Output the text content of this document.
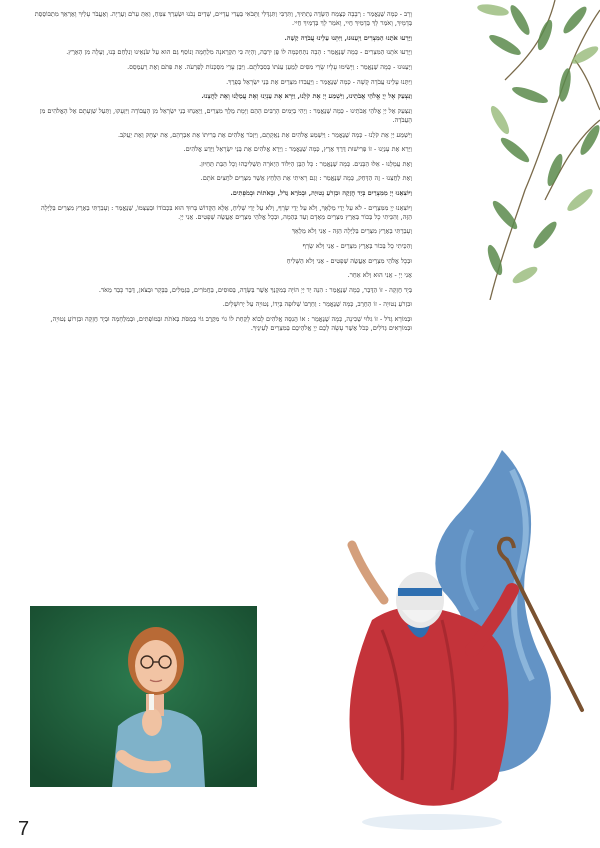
וָרָב - כְּמָה שֶׁנֶּאֱמַר : רְבָבָה כְּצֶמַח הַשָּׂדֶה נְתַתִּיךְ, וַתִּרְבִּי וַתִּגְדְּלִי וַתָּבֹאִי בַּעֲדִי עֲדָיִים, שָׁדַיִם נָכֹנוּ וּשְׂעָרֵךְ צִמֵּחַ, וְאַתְּ עֵרֹם וְעֶרְיָה. וָאֶעֱבֹר עָלַיִךְ וָאֶרְאֵךְ מִתְבּוֹסֶסֶת בְּדָמָיִךְ, וָאֹמַר לָךְ בְּדָמַיִךְ חֲיִי, וָאֹמַר לָךְ בְּדָמַיִךְ חֲיִי.

וַיָּרֵעוּ אֹתָנוּ הַמִּצְרִים וַיְעַנּוּנוּ, וַיִּתְּנוּ עָלֵינוּ עֲבֹדָה קָשָׁה.

וַיָּרֵעוּ אֹתָנוּ הַמִּצְרִים - כְּמָה שֶׁנֶּאֱמַר : הָבָה נִתְחַכְּמָה לוֹ פֶּן יִרְבֶּה, וְהָיָה כִּי תִקְרֶאנָה מִלְחָמָה וְנוֹסַף גַּם הוּא עַל שֹׂנְאֵינוּ וְנִלְחַם בָּנוּ, וְעָלָה מִן הָאָרֶץ.

וַיְעַנּוּנוּ - כְּמָה שֶׁנֶּאֱמַר : וַיָּשִׂימוּ עָלָיו שָׂרֵי מִסִּים לְמַעַן עַנֹּתוֹ בְּסִבְלֹתָם. וַיִּבֶן עָרֵי מִסְכְּנוֹת לְפַרְעֹה. אֶת פִּתֹם וְאֶת רַעַמְסֵס.

וַיִּתְּנוּ עָלֵינוּ עֲבֹדָה קָשָׁה - כְּמָה שֶׁנֶּאֱמַר : וַיַּעֲבִדוּ מִצְרַיִם אֶת בְּנֵי יִשְׂרָאֵל בְּפָרֶךְ.

וַנִּצְעַק אֶל יְיָ אֱלֹהֵי אֲבֹתֵינוּ, וַיִּשְׁמַע יְיָ אֶת קֹלֵנוּ, וַיַּרְא אֶת עָנְיֵנוּ וְאֶת עֲמָלֵנוּ וְאֶת לַחֲצֵנוּ.

וַנִּצְעַק אֶל יְיָ אֱלֹהֵי אֲבֹתֵינוּ - כְּמָה שֶׁנֶּאֱמַר : וַיְהִי בַיָּמִים הָרַבִּים הָהֵם וַיָּמָת מֶלֶךְ מִצְרַיִם, וַיֵּאָנְחוּ בְנֵי יִשְׂרָאֵל מִן הָעֲבוֹדָה וַיִּזְעָקוּ, וַתַּעַל שַׁוְעָתָם אֶל הָאֱלֹהִים מִן הָעֲבֹדָה.

וַיִּשְׁמַע יְיָ אֶת קֹלֵנוּ - כְּמָה שֶׁנֶּאֱמַר : וַיִּשְׁמַע אֱלֹהִים אֶת נַאֲקָתָם, וַיִּזְכֹּר אֱלֹהִים אֶת בְּרִיתוֹ אֶת אַבְרָהָם, אֶת יִצְחָק וְאֶת יַעֲקֹב.

וַיַּרְא אֶת עָנְיֵנוּ - זוֹ פְּרִישׁוּת דֶּרֶךְ אֶרֶץ, כְּמָה שֶׁנֶּאֱמַר : וַיַּרְא אֱלֹהִים אֶת בְּנֵי יִשְׂרָאֵל וַיֵּדַע אֱלֹהִים.

וְאֶת עֲמָלֵנוּ - אֵלּוּ הַבָּנִים. כְּמָה שֶׁנֶּאֱמַר : כָּל הַבֵּן הַיִּלּוֹד הַיְאֹרָה תַּשְׁלִיכֻהוּ וְכָל הַבַּת תְּחַיּוּן.

וְאֶת לַחֲצֵנוּ - זֶה הַדְּחַק, כְּמָה שֶׁנֶּאֱמַר : וְגַם רָאִיתִי אֶת הַלַּחַץ אֲשֶׁר מִצְרַיִם לֹחֲצִים אֹתָם.

וַיּוֹצִאֵנוּ יְיָ מִמִּצְרַיִם בְּיָד חֲזָקָה וּבִזְרֹעַ נְטוּיָה, וּבְמֹרָא גָּדֹל, וּבְאֹתוֹת וּבְמֹפְתִים.

וַיּוֹצִאֵנוּ יְיָ מִמִּצְרַיִם - לֹא עַל יְדֵי מַלְאָךְ, וְלֹא עַל יְדֵי שָׂרָף, וְלֹא עַל יְדֵי שָׁלִיחַ, אֶלָּא הַקָּדוֹשׁ בָּרוּךְ הוּא בִּכְבוֹדוֹ וּבְעַצְמוֹ, שֶׁנֶּאֱמַר : וְעָבַרְתִּי בְאֶרֶץ מִצְרַיִם בַּלַּיְלָה הַזֶּה, וְהִכֵּיתִי כָל בְּכוֹר בְּאֶרֶץ מִצְרַיִם מֵאָדָם וְעַד בְּהֵמָה, וּבְכָל אֱלֹהֵי מִצְרַיִם אֶעֱשֶׂה שְׁפָטִים. אֲנִי יְיָ.

וְעָבַרְתִּי בְאֶרֶץ מִצְרַיִם בַּלַּיְלָה הַזֶּה - אֲנִי וְלֹא מַלְאָךְ

וְהִכֵּיתִי כָל בְּכוֹר בְּאֶרֶץ מִצְרַיִם - אֲנִי וְלֹא שָׂרָף

וּבְכָל אֱלֹהֵי מִצְרַיִם אֶעֱשֶׂה שְׁפָטִים - אֲנִי וְלֹא הַשָּׁלִיחַ

אֲנִי יְיָ - אֲנִי הוּא וְלֹא אַחֵר.

בְּיָד חֲזָקָה - זוֹ הַדֶּבֶר, כְּמָה שֶׁנֶּאֱמַר : הִנֵּה יַד יְיָ הוֹיָה בְּמִקְנְךָ אֲשֶׁר בַּשָּׂדֶה, בַּסּוּסִים, בַּחֲמֹרִים, בַּגְּמַלִּים, בַּבָּקָר וּבַצֹּאן, דֶּבֶר כָּבֵד מְאֹד.

וּבִזְרֹעַ נְטוּיָה - זוֹ הַחֶרֶב, כְּמָה שֶׁנֶּאֱמַר : וְחַרְבּוֹ שְׁלוּפָה בְּיָדוֹ, נְטוּיָה עַל יְרוּשָׁלָיִם.

וּבְמוֹרָא גָּדֹל - זוֹ גִּלּוּי שְׁכִינָה, כְּמָה שֶׁנֶּאֱמַר : אוֹ הֲנִסָּה אֱלֹהִים לָבוֹא לָקַחַת לוֹ גוֹי מִקֶּרֶב גּוֹי בְּמַסֹּת בְּאֹתֹת וּבְמוֹפְתִים, וּבְמִלְחָמָה וּבְיָד חֲזָקָה וּבִזְרוֹעַ נְטוּיָה, וּבְמוֹרָאִים גְּדֹלִים, כְּכֹל אֲשֶׁר עָשָׂה לָכֶם יְיָ אֱלֹהֵיכֶם בְּמִצְרַיִם לְעֵינֶיךָ.

7
